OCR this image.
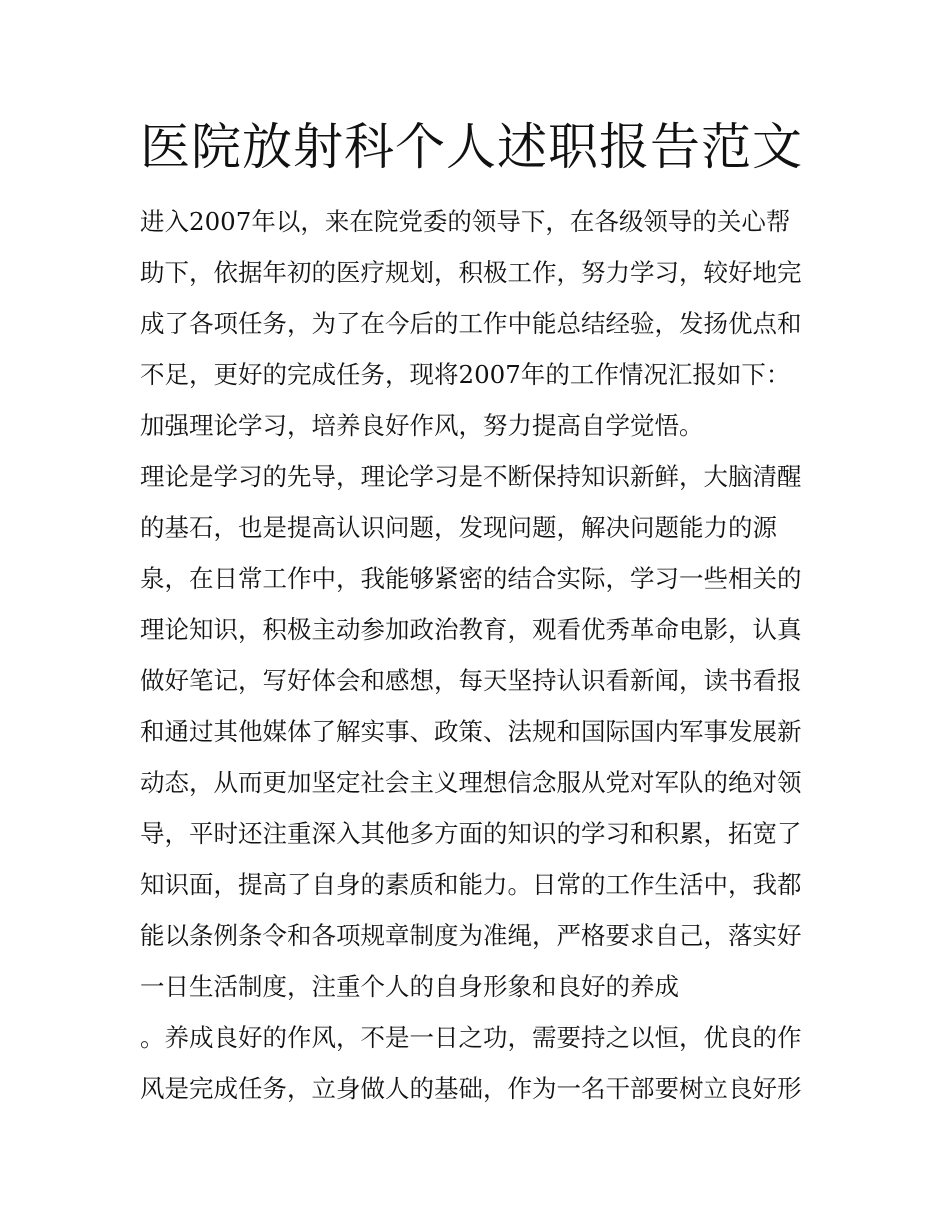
医院放射科个人述职报告范文
进入2007年以，来在院党委的领导下，在各级领导的关心帮
助下，依据年初的医疗规划，积极工作，努力学习，较好地完
成了各项任务，为了在今后的工作中能总结经验，发扬优点和
不足，更好的完成任务，现将2007年的工作情况汇报如下：
加强理论学习，培养良好作风，努力提高自学觉悟。
理论是学习的先导，理论学习是不断保持知识新鲜，大脑清醒
的基石，也是提高认识问题，发现问题，解决问题能力的源
泉，在日常工作中，我能够紧密的结合实际，学习一些相关的
理论知识，积极主动参加政治教育，观看优秀革命电影，认真
做好笔记，写好体会和感想，每天坚持认识看新闻，读书看报
和通过其他媒体了解实事、政策、法规和国际国内军事发展新
动态，从而更加坚定社会主义理想信念服从党对军队的绝对领
导，平时还注重深入其他多方面的知识的学习和积累，拓宽了
知识面，提高了自身的素质和能力。日常的工作生活中，我都
能以条例条令和各项规章制度为准绳，严格要求自己，落实好
一日生活制度，注重个人的自身形象和良好的养成
。养成良好的作风，不是一日之功，需要持之以恒，优良的作
风是完成任务，立身做人的基础，作为一名干部要树立良好形
